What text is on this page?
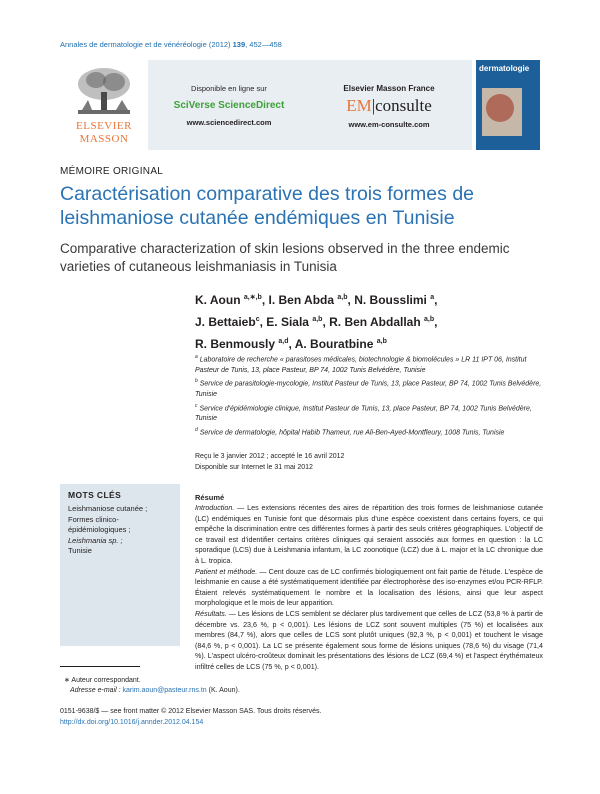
Annales de dermatologie et de vénéréologie (2012) 139, 452—458
ELSEVIER
MASSON
Disponible en ligne sur
SciVerse ScienceDirect
www.sciencedirect.com
Elsevier Masson France
EM|consulte
www.em-consulte.com
dermatologie
MÉMOIRE ORIGINAL
Caractérisation comparative des trois formes de leishmaniose cutanée endémiques en Tunisie
Comparative characterization of skin lesions observed in the three endemic varieties of cutaneous leishmaniasis in Tunisia
K. Aoun $^{a,∗,b}$, I. Ben Abda $^{a,b}$, N. Bousslimi $^a$,
J. Bettaieb$^c$, E. Siala $^{a,b}$, R. Ben Abdallah $^{a,b}$,
R. Benmously $^{a,d}$, A. Bouratbine $^{a,b}$

$^a$ Laboratoire de recherche « parasitoses médicales, biotechnologie & biomolécules » LR 11 IPT 06, Institut Pasteur de Tunis, 13, place Pasteur, BP 74, 1002 Tunis Belvédère, Tunisie

$^b$ Service de parasitologie-mycologie, Institut Pasteur de Tunis, 13, place Pasteur, BP 74, 1002 Tunis Belvédère, Tunisie

$^c$ Service d'épidémiologie clinique, Institut Pasteur de Tunis, 13, place Pasteur, BP 74, 1002 Tunis Belvédère, Tunisie

$^d$ Service de dermatologie, hôpital Habib Thameur, rue Ali-Ben-Ayed-Montfleury, 1008 Tunis, Tunisie

Reçu le 3 janvier 2012 ; accepté le 16 avril 2012
Disponible sur Internet le 31 mai 2012
MOTS CLÉS
Leishmaniose cutanée ;
Formes clinico-épidémiologiques ;
Leishmania sp. ;
Tunisie
Résumé

Introduction. — Les extensions récentes des aires de répartition des trois formes de leishmaniose cutanée (LC) endémiques en Tunisie font que désormais plus d'une espèce coexistent dans certains foyers, ce qui empêche la discrimination entre ces différentes formes à partir des seuls critères géographiques. L'objectif de ce travail est d'identifier certains critères cliniques qui seraient associés aux formes en question : la LC sporadique (LCS) due à Leishmania infantum, la LC zoonotique (LCZ) due à L. major et la LC chronique due à L. tropica.

Patient et méthode. — Cent douze cas de LC confirmés biologiquement ont fait partie de l'étude. L'espèce de leishmanie en cause a été systématiquement identifiée par électrophorèse des iso-enzymes et/ou PCR-RFLP. Étaient relevés systématiquement le nombre et la localisation des lésions, ainsi que leur aspect morphologique et le mois de leur apparition.

Résultats. — Les lésions de LCS semblent se déclarer plus tardivement que celles de LCZ (53,8 % à partir de décembre vs. 23,6 %, p < 0,001). Les lésions de LCZ sont souvent multiples (75 %) et localisées aux membres (84,7 %), alors que celles de LCS sont plutôt uniques (92,3 %, p < 0,001) et touchent le visage (84,6 %, p < 0,001). La LC se présente également sous forme de lésions uniques (78,6 %) du visage (71,4 %). L'aspect ulcéro-croûteux dominait les présentations des lésions de LCZ (69,4 %) et l'aspect érythémateux infiltré celles de LCS (75 %, p < 0,001).

∗ Auteur correspondant.
Adresse e-mail : karim.aoun@pasteur.rns.tn (K. Aoun).
0151-9638/$ — see front matter © 2012 Elsevier Masson SAS. Tous droits réservés.
http://dx.doi.org/10.1016/j.annder.2012.04.154
